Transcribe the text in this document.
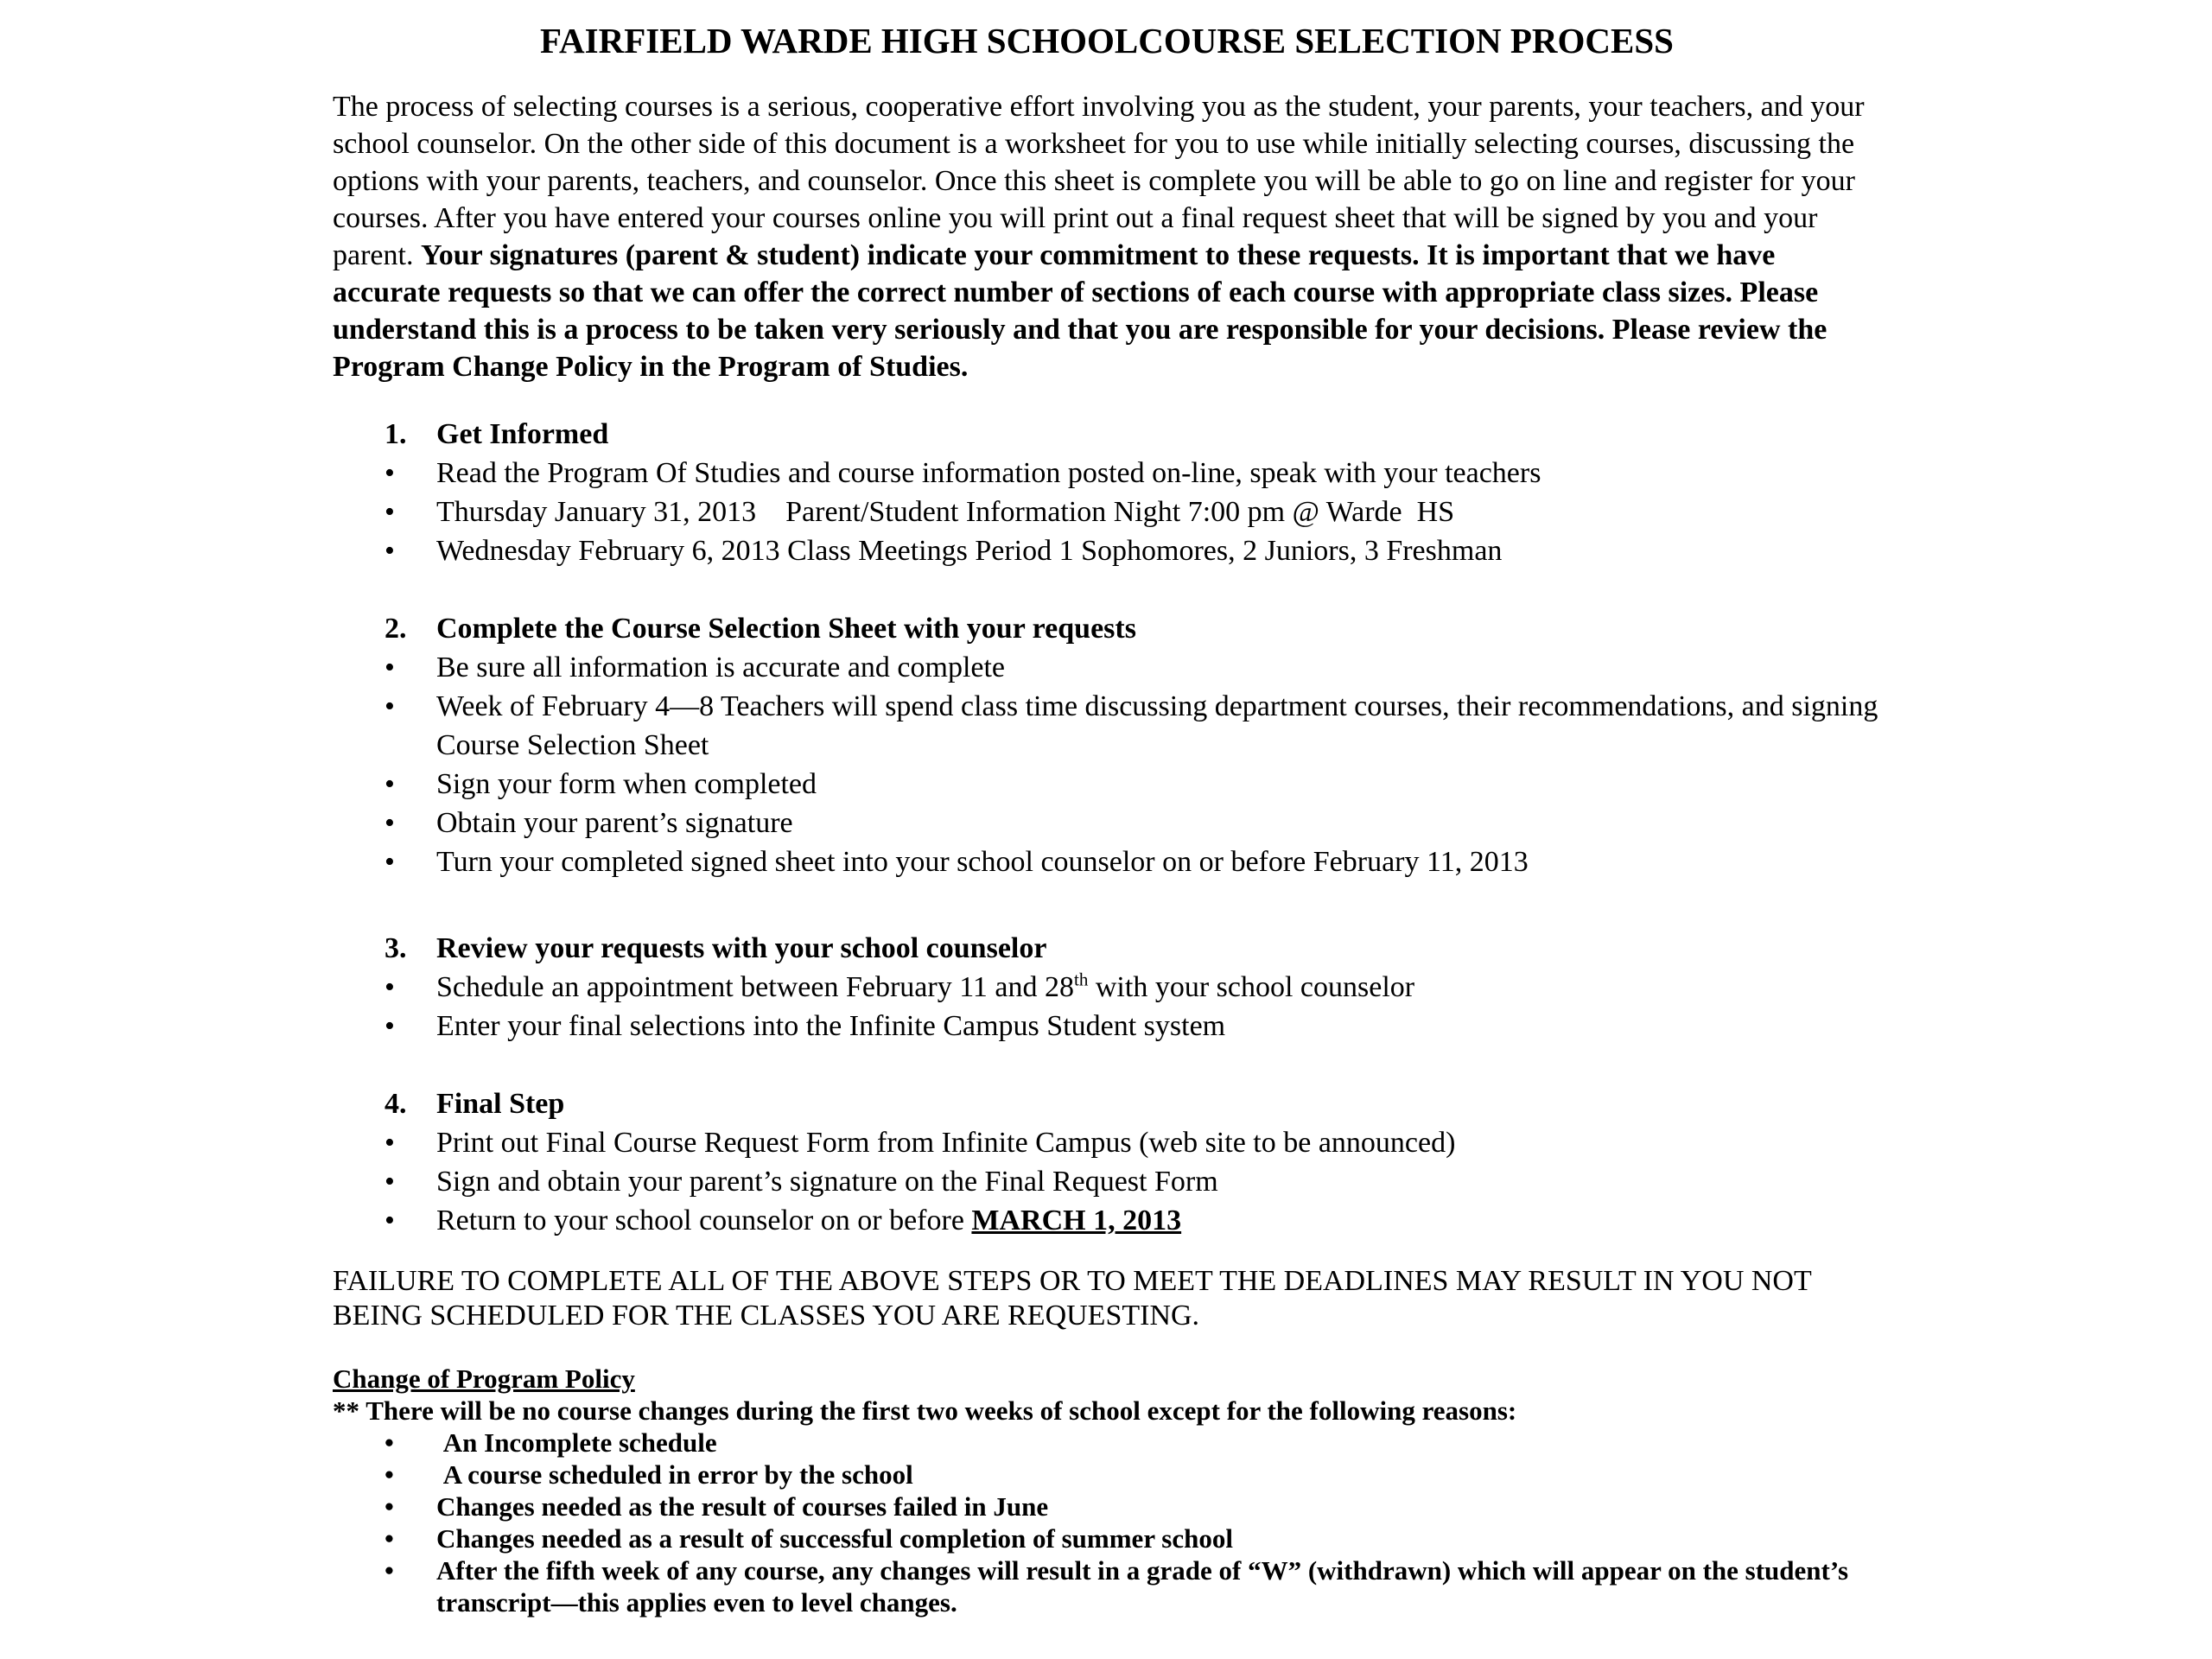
FAIRFIELD WARDE HIGH SCHOOLCOURSE SELECTION PROCESS

The process of selecting courses is a serious, cooperative effort involving you as the student, your parents, your teachers, and your school counselor. On the other side of this document is a worksheet for you to use while initially selecting courses, discussing the options with your parents, teachers, and counselor. Once this sheet is complete you will be able to go on line and register for your courses. After you have entered your courses online you will print out a final request sheet that will be signed by you and your parent. Your signatures (parent & student) indicate your commitment to these requests. It is important that we have accurate requests so that we can offer the correct number of sections of each course with appropriate class sizes. Please understand this is a process to be taken very seriously and that you are responsible for your decisions. Please review the Program Change Policy in the Program of Studies.

1.	Get Informed
•	Read the Program Of Studies and course information posted on-line, speak with your teachers
•	Thursday January 31, 2013    Parent/Student Information Night 7:00 pm @ Warde  HS
•	Wednesday February 6, 2013 Class Meetings Period 1 Sophomores, 2 Juniors, 3 Freshman
2.	Complete the Course Selection Sheet with your requests
•	Be sure all information is accurate and complete
•	Week of February 4—8 Teachers will spend class time discussing department courses, their recommendations, and signing Course Selection Sheet
•	Sign your form when completed
•	Obtain your parent’s signature
•	Turn your completed signed sheet into your school counselor on or before February 11, 2013
3.	Review your requests with your school counselor
•	Schedule an appointment between February 11 and 28th with your school counselor
•	Enter your final selections into the Infinite Campus Student system
4.	Final Step
•	Print out Final Course Request Form from Infinite Campus (web site to be announced)
•	Sign and obtain your parent’s signature on the Final Request Form
•	Return to your school counselor on or before MARCH 1, 2013

FAILURE TO COMPLETE ALL OF THE ABOVE STEPS OR TO MEET THE DEADLINES MAY RESULT IN YOU NOT BEING SCHEDULED FOR THE CLASSES YOU ARE REQUESTING.

Change of Program Policy
** There will be no course changes during the first two weeks of school except for the following reasons:
•	An Incomplete schedule
•	A course scheduled in error by the school
•	Changes needed as the result of courses failed in June
•	Changes needed as a result of successful completion of summer school
•	After the fifth week of any course, any changes will result in a grade of “W” (withdrawn) which will appear on the student’s transcript—this applies even to level changes.
